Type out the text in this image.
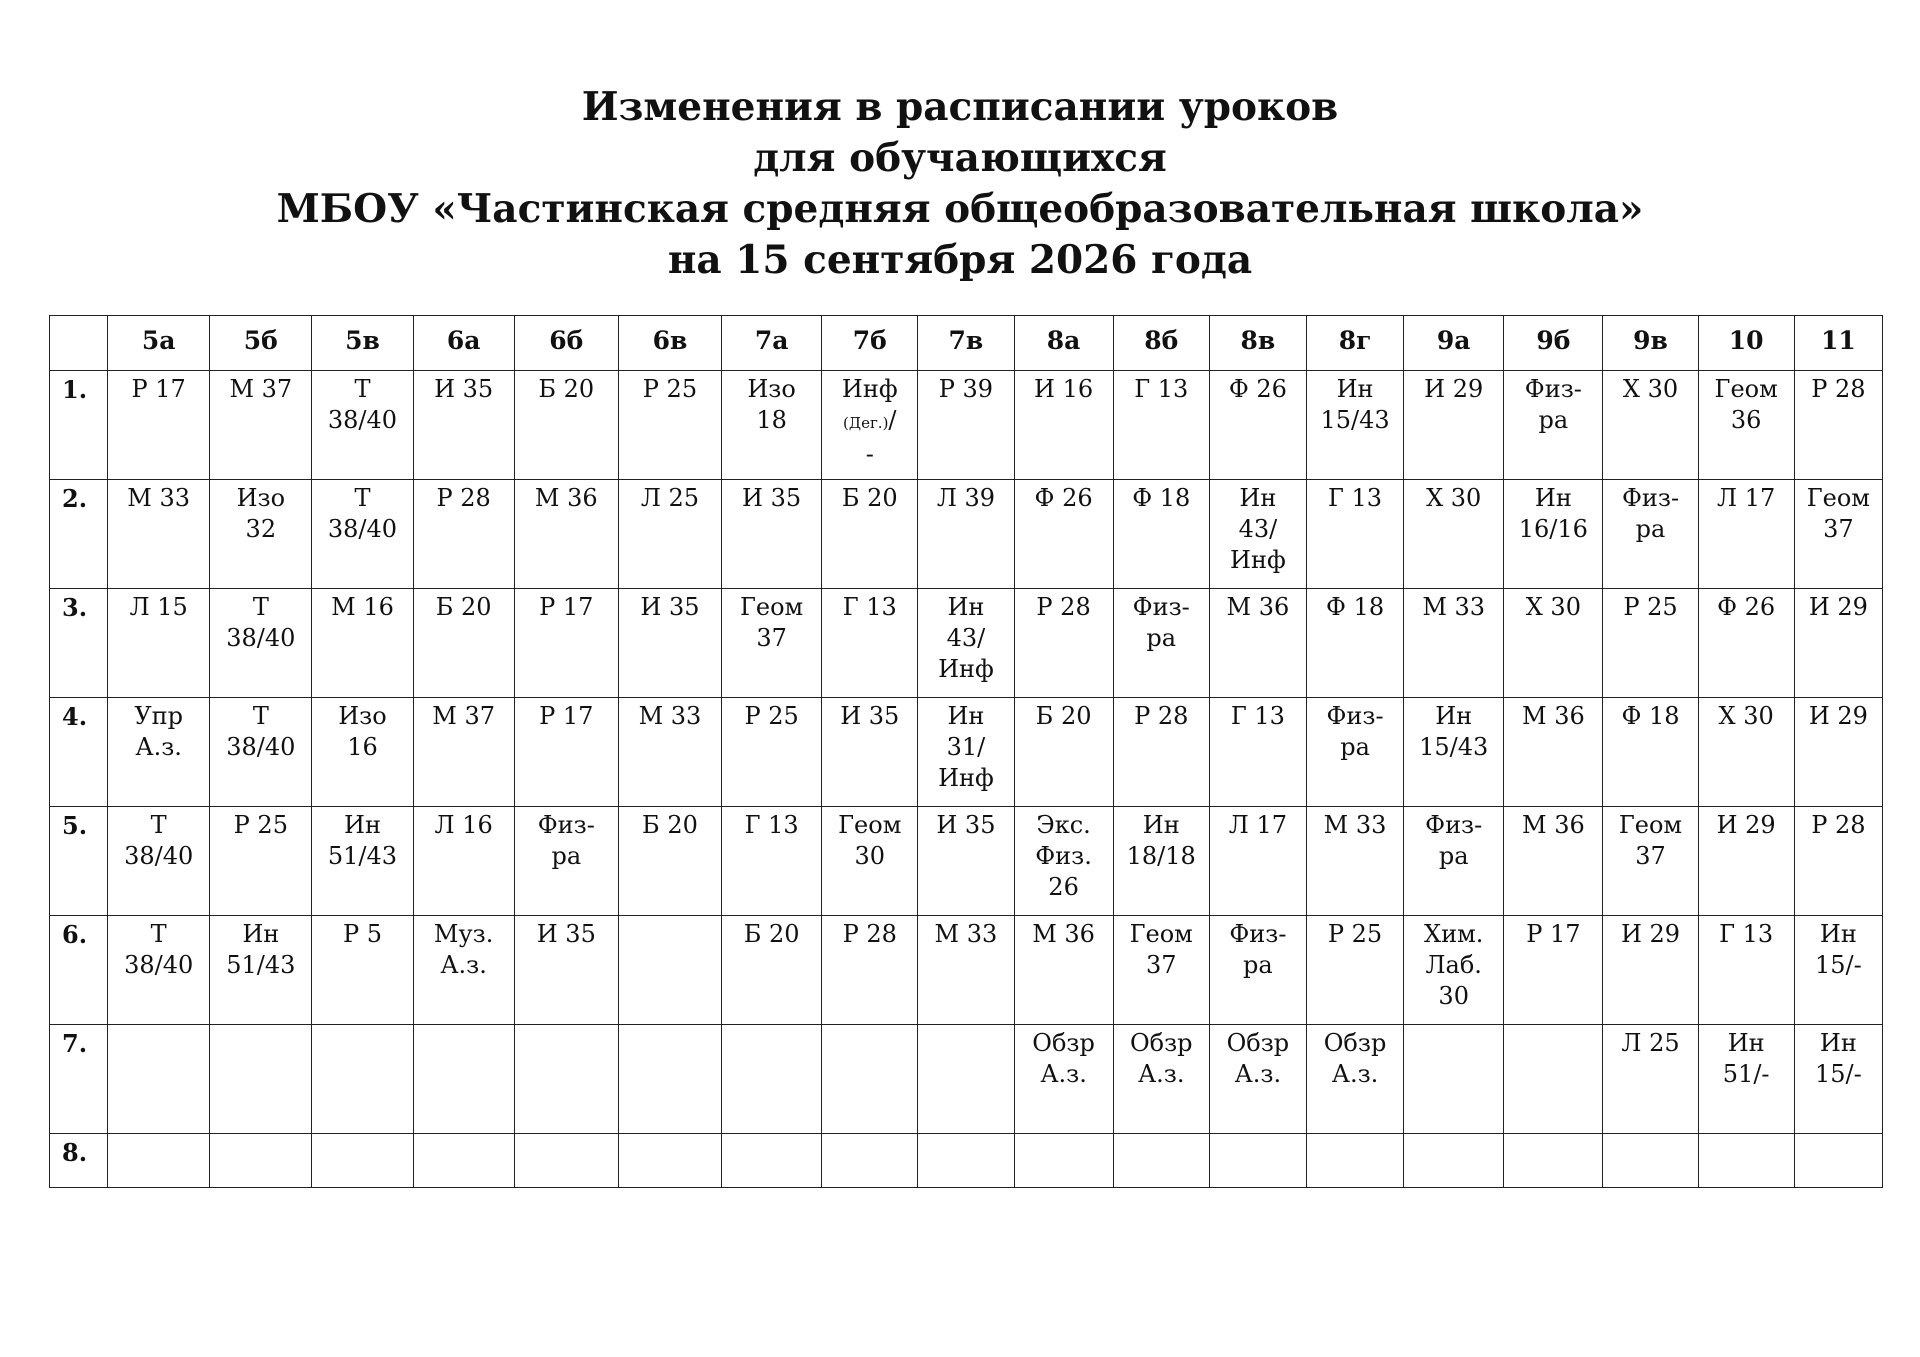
Изменения в расписании уроков
для обучающихся
МБОУ «Частинская средняя общеобразовательная школа»
на 15 сентября 2026 года
	5а	5б	5в	6а	6б	6в	7а	7б	7в	8а	8б	8в	8г	9а	9б	9в	10	11
1.	Р 17	М 37	Т
38/40	И 35	Б 20	Р 25	Изо
18	Инф
(Дег.)/
-	Р 39	И 16	Г 13	Ф 26	Ин
15/43	И 29	Физ-
ра	Х 30	Геом
36	Р 28
2.	М 33	Изо
32	Т
38/40	Р 28	М 36	Л 25	И 35	Б 20	Л 39	Ф 26	Ф 18	Ин
43/
Инф	Г 13	Х 30	Ин
16/16	Физ-
ра	Л 17	Геом
37
3.	Л 15	Т
38/40	М 16	Б 20	Р 17	И 35	Геом
37	Г 13	Ин
43/
Инф	Р 28	Физ-
ра	М 36	Ф 18	М 33	Х 30	Р 25	Ф 26	И 29
4.	Упр
А.з.	Т
38/40	Изо
16	М 37	Р 17	М 33	Р 25	И 35	Ин
31/
Инф	Б 20	Р 28	Г 13	Физ-
ра	Ин
15/43	М 36	Ф 18	Х 30	И 29
5.	Т
38/40	Р 25	Ин
51/43	Л 16	Физ-
ра	Б 20	Г 13	Геом
30	И 35	Экс.
Физ.
26	Ин
18/18	Л 17	М 33	Физ-
ра	М 36	Геом
37	И 29	Р 28
6.	Т
38/40	Ин
51/43	Р 5	Муз.
А.з.	И 35		Б 20	Р 28	М 33	М 36	Геом
37	Физ-
ра	Р 25	Хим.
Лаб.
30	Р 17	И 29	Г 13	Ин
15/-
7.										Обзр
А.з.	Обзр
А.з.	Обзр
А.з.	Обзр
А.з.			Л 25	Ин
51/-	Ин
15/-
8.																		
